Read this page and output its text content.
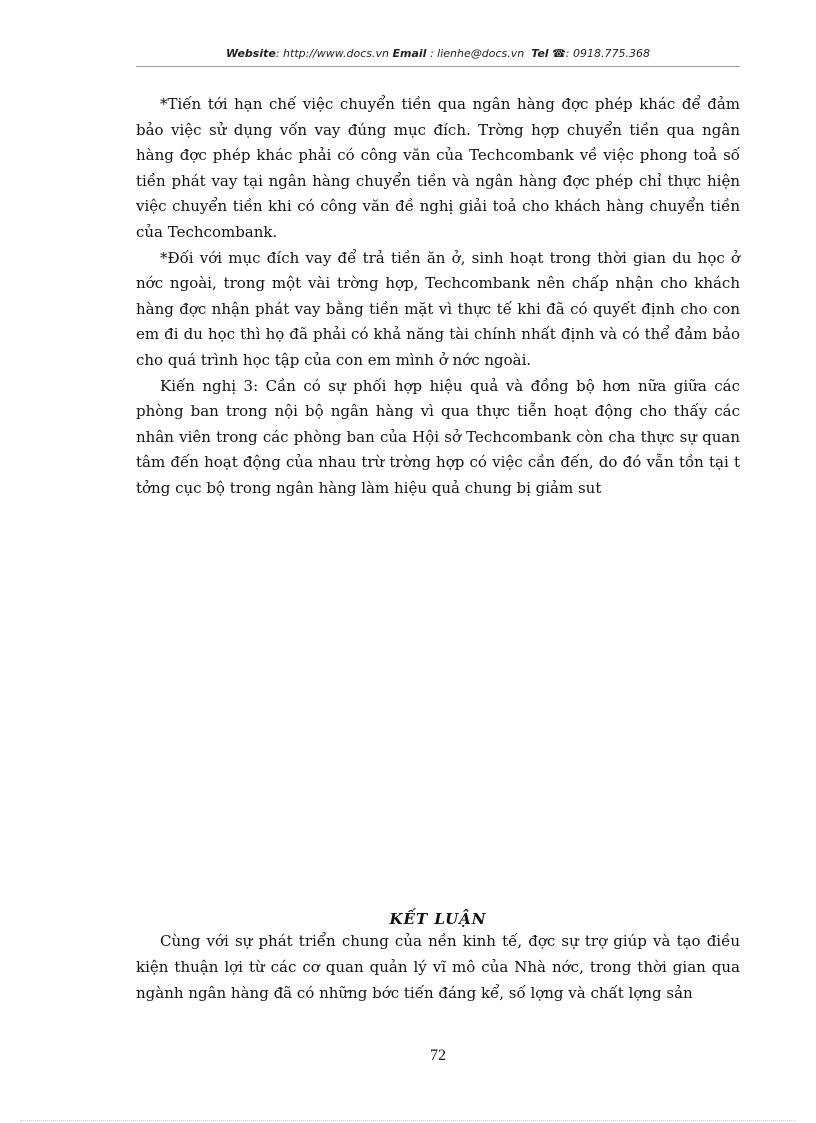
Website: http://www.docs.vn Email : lienhe@docs.vn Tel ☎: 0918.775.368

*Tiến tới hạn chế việc chuyển tiền qua ngân hàng đợc phép khác để đảm bảo việc sử dụng vốn vay đúng mục đích. Trờng hợp chuyển tiền qua ngân hàng đợc phép khác phải có công văn của Techcombank về việc phong toả số tiền phát vay tại ngân hàng chuyển tiền và ngân hàng đợc phép chỉ thực hiện việc chuyển tiền khi có công văn đề nghị giải toả cho khách hàng chuyển tiền của Techcombank.

*Đối với mục đích vay để trả tiền ăn ở, sinh hoạt trong thời gian du học ở nớc ngoài, trong một vài trờng hợp, Techcombank nên chấp nhận cho khách hàng đợc nhận phát vay bằng tiền mặt vì thực tế khi đã có quyết định cho con em đi du học thì họ đã phải có khả năng tài chính nhất định và có thể đảm bảo cho quá trình học tập của con em mình ở nớc ngoài.

Kiến nghị 3: Cần có sự phối hợp hiệu quả và đồng bộ hơn nữa giữa các phòng ban trong nội bộ ngân hàng vì qua thực tiễn hoạt động cho thấy các nhân viên trong các phòng ban của Hội sở Techcombank còn cha thực sự quan tâm đến hoạt động của nhau trừ trờng hợp có việc cần đến, do đó vẫn tồn tại t tởng cục bộ trong ngân hàng làm hiệu quả chung bị giảm sut

KẾT LUẬN

Cùng với sự phát triển chung của nền kinh tế, đợc sự trợ giúp và tạo điều kiện thuận lợi từ các cơ quan quản lý vĩ mô của Nhà nớc, trong thời gian qua ngành ngân hàng đã có những bớc tiến đáng kể, số lợng và chất lợng sản

72
